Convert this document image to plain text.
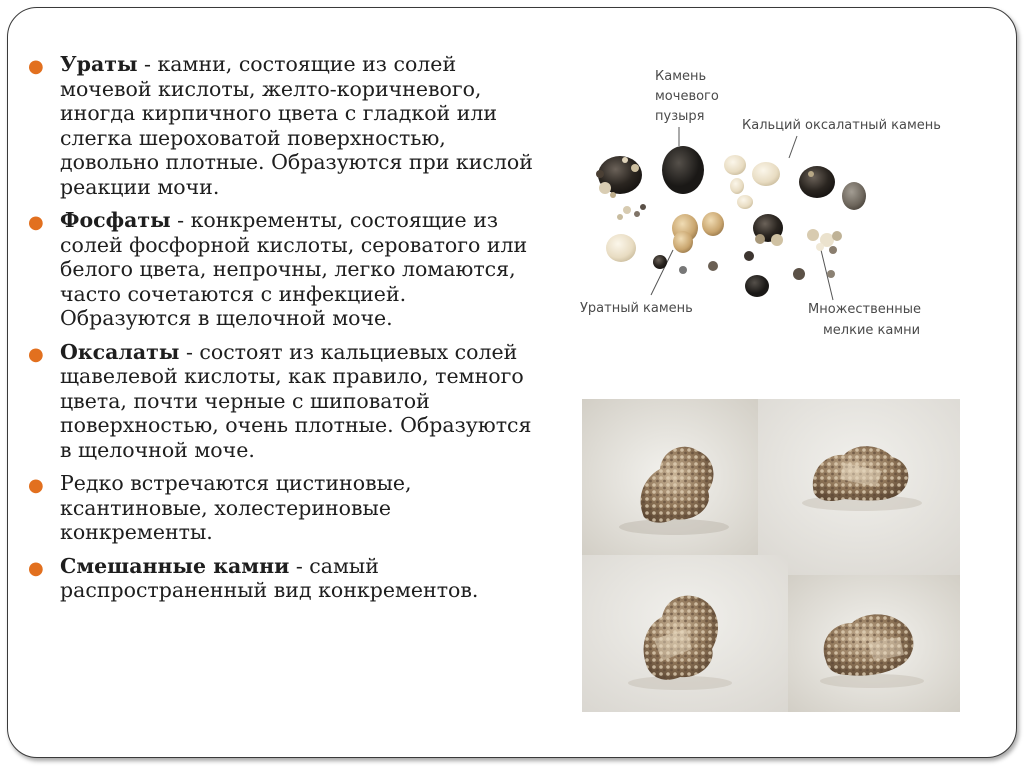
● Ураты - камни, состоящие из солей мочевой кислоты, желто-коричневого, иногда кирпичного цвета с гладкой или слегка шероховатой поверхностью, довольно плотные. Образуются при кислой реакции мочи.
● Фосфаты - конкременты, состоящие из солей фосфорной кислоты, сероватого или белого цвета, непрочны, легко ломаются, часто сочетаются с инфекцией. Образуются в щелочной моче.
● Оксалаты - состоят из кальциевых солей щавелевой кислоты, как правило, темного цвета, почти черные с шиповатой поверхностью, очень плотные. Образуются в щелочной моче.
● Редко встречаются цистиновые, ксантиновые, холестериновые конкременты.
● Смешанные камни - самый распространенный вид конкрементов.
Камень
мочевого
пузыря
Кальций оксалатный камень
Уратный камень	Множественные
мелкие камни
